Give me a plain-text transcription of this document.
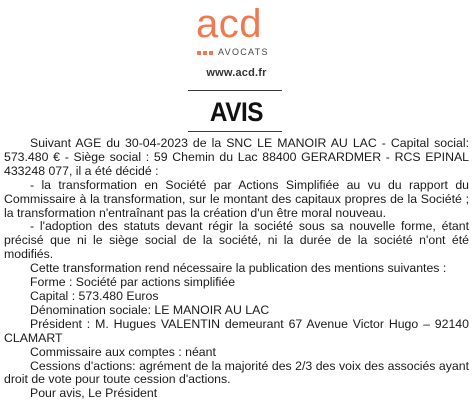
acd
AVOCATS
www.acd.fr
AVIS

Suivant AGE du 30-04-2023 de la SNC LE MANOIR AU LAC - Capital social: 573.480 € - Siège social : 59 Chemin du Lac 88400 GERARDMER - RCS EPINAL 433248 077, il a été décidé :

- la transformation en Société par Actions Simplifiée au vu du rapport du Commissaire à la transformation, sur le montant des capitaux propres de la Société ; la transformation n'entraînant pas la création d'un être moral nouveau.

- l'adoption des statuts devant régir la société sous sa nouvelle forme, étant précisé que ni le siège social de la société, ni la durée de la société n'ont été modifiés.

Cette transformation rend nécessaire la publication des mentions suivantes :

Forme : Société par actions simplifiée

Capital : 573.480 Euros

Dénomination sociale: LE MANOIR AU LAC

Président : M. Hugues VALENTIN demeurant 67 Avenue Victor Hugo – 92140 CLAMART

Commissaire aux comptes : néant

Cessions d'actions: agrément de la majorité des 2/3 des voix des associés ayant droit de vote pour toute cession d'actions.

Pour avis, Le Président
